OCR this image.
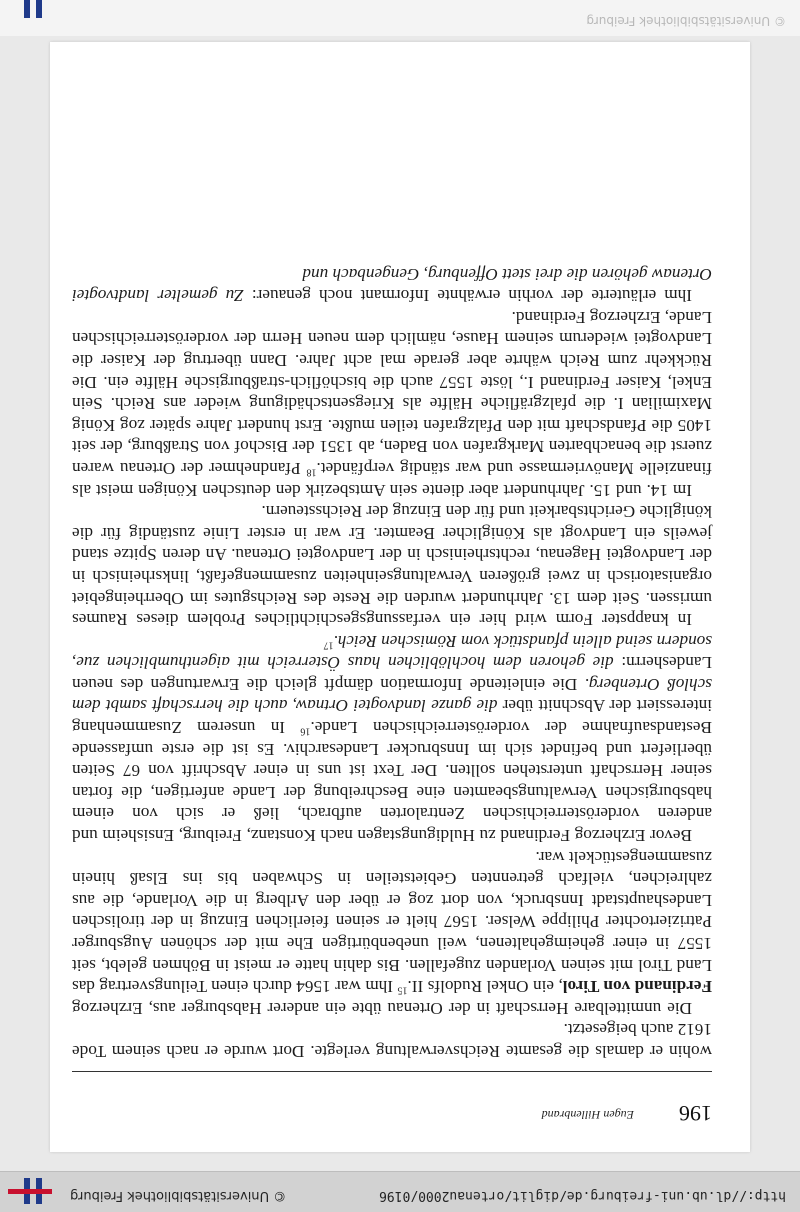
http://dl.ub.uni-freiburg.de/diglit/ortenau2000/0196
© Universitätsbibliothek Freiburg
196
Eugen Hillenbrand

wohin er damals die gesamte Reichsverwaltung verlegte. Dort wurde er nach seinem Tode 1612 auch beigesetzt.

Die unmittelbare Herrschaft in der Ortenau übte ein anderer Habsburger aus, Erzherzog Ferdinand von Tirol, ein Onkel Rudolfs II.$^{15}$ Ihm war 1564 durch einen Teilungsvertrag das Land Tirol mit seinen Vorlanden zugefallen. Bis dahin hatte er meist in Böhmen gelebt, seit 1557 in einer geheimgehaltenen, weil unebenbürtigen Ehe mit der schönen Augsburger Patriziertochter Philippe Welser. 1567 hielt er seinen feierlichen Einzug in der tirolischen Landeshauptstadt Innsbruck, von dort zog er über den Arlberg in die Vorlande, die aus zahlreichen, vielfach getrennten Gebietsteilen in Schwaben bis ins Elsaß hinein zusammengestückelt war.

Bevor Erzherzog Ferdinand zu Huldigungstagen nach Konstanz, Freiburg, Ensisheim und anderen vorderösterreichischen Zentralorten aufbrach, ließ er sich von einem habsburgischen Verwaltungsbeamten eine Beschreibung der Lande anfertigen, die fortan seiner Herrschaft unterstehen sollten. Der Text ist uns in einer Abschrift von 67 Seiten überliefert und befindet sich im Innsbrucker Landesarchiv. Es ist die erste umfassende Bestandsaufnahme der vorderösterreichischen Lande.$^{16}$ In unserem Zusammenhang interessiert der Abschnitt über die ganze landvogtei Ortnaw, auch die herrschaft sambt dem schloß Ortenberg. Die einleitende Information dämpft gleich die Erwartungen des neuen Landesherrn: die gehoren dem hochlöblichen haus Österreich mit aigenthumblichen zue, sondern seind allein pfandstück vom Römischen Reich.$^{17}$

In knappster Form wird hier ein verfassungsgeschichtliches Problem dieses Raumes umrissen. Seit dem 13. Jahrhundert wurden die Reste des Reichsgutes im Oberrheingebiet organisatorisch in zwei größeren Verwaltungseinheiten zusammengefaßt, linksrheinisch in der Landvogtei Hagenau, rechtsrheinisch in der Landvogtei Ortenau. An deren Spitze stand jeweils ein Landvogt als Königlicher Beamter. Er war in erster Linie zuständig für die königliche Gerichtsbarkeit und für den Einzug der Reichssteuern.

Im 14. und 15. Jahrhundert aber diente sein Amtsbezirk den deutschen Königen meist als finanzielle Manövriermasse und war ständig verpfändet.$^{18}$ Pfandnehmer der Ortenau waren zuerst die benachbarten Markgrafen von Baden, ab 1351 der Bischof von Straßburg, der seit 1405 die Pfandschaft mit den Pfalzgrafen teilen mußte. Erst hundert Jahre später zog König Maximilian I. die pfalzgräfliche Hälfte als Kriegsentschädigung wieder ans Reich. Sein Enkel, Kaiser Ferdinand I., löste 1557 auch die bischöflich-straßburgische Hälfte ein. Die Rückkehr zum Reich währte aber gerade mal acht Jahre. Dann übertrug der Kaiser die Landvogtei wiederum seinem Hause, nämlich dem neuen Herrn der vorderösterreichischen Lande, Erzherzog Ferdinand.

Ihm erläuterte der vorhin erwähnte Informant noch genauer: Zu gemelter landtvogtei Ortenaw gehören die drei stett Offenburg, Gengenbach und

© Universitätsbibliothek Freiburg
